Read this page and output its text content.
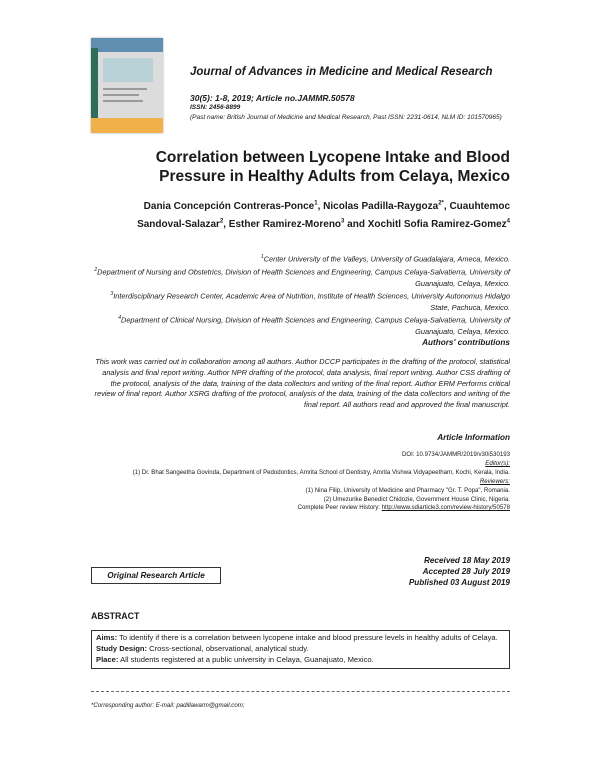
Journal of Advances in Medicine and Medical Research
30(5): 1-8, 2019; Article no.JAMMR.50578
ISSN: 2456-8899
(Past name: British Journal of Medicine and Medical Research, Past ISSN: 2231-0614, NLM ID: 101570965)
Correlation between Lycopene Intake and Blood Pressure in Healthy Adults from Celaya, Mexico
Dania Concepción Contreras-Ponce$^1$, Nicolas Padilla-Raygoza$^{2*}$, Cuauhtemoc Sandoval-Salazar$^2$, Esther Ramirez-Moreno$^3$ and Xochitl Sofia Ramirez-Gomez$^4$
$^1$Center University of the Valleys, University of Guadalajara, Ameca, Mexico.
$^2$Department of Nursing and Obstetrics, Division of Health Sciences and Engineering, Campus Celaya-Salvatierra, University of Guanajuato, Celaya, Mexico.
$^3$Interdisciplinary Research Center, Academic Area of Nutrition, Institute of Health Sciences, University Autonomus Hidalgo State, Pachuca, Mexico.
$^4$Department of Clinical Nursing, Division of Health Sciences and Engineering, Campus Celaya-Salvatierra, University of Guanajuato, Celaya, Mexico.
Authors' contributions
This work was carried out in collaboration among all authors. Author DCCP participates in the drafting of the protocol, statistical analysis and final report writing. Author NPR drafting of the protocol, data analysis, final report writing. Author CSS drafting of the protocol, analysis of the data, training of the data collectors and writing of the final report. Author ERM Performs critical review of final report. Author XSRG drafting of the protocol, analysis of the data, training of the data collectors and writing of the final report. All authors read and approved the final manuscript.
Article Information
DOI: 10.9734/JAMMR/2019/v30i530193
Editor(s):
(1) Dr. Bhat Sangeetha Govinda, Department of Pedodontics, Amrita School of Dentistry, Amrita Vishwa Vidyapeetham, Kochi, Kerala, India.
Reviewers:
(1) Nina Filip, University of Medicine and Pharmacy "Gr. T. Popa", Romania.
(2) Umezurike Benedict Chidozie, Government House Clinic, Nigeria.
Complete Peer review History: http://www.sdiarticle3.com/review-history/50578
Original Research Article
Received 18 May 2019
Accepted 28 July 2019
Published 03 August 2019
ABSTRACT
Aims: To identify if there is a correlation between lycopene intake and blood pressure levels in healthy adults of Celaya.
Study Design: Cross-sectional, observational, analytical study.
Place: All students registered at a public university in Celaya, Guanajuato, Mexico.
*Corresponding author: E-mail: padillawarm@gmail.com;
